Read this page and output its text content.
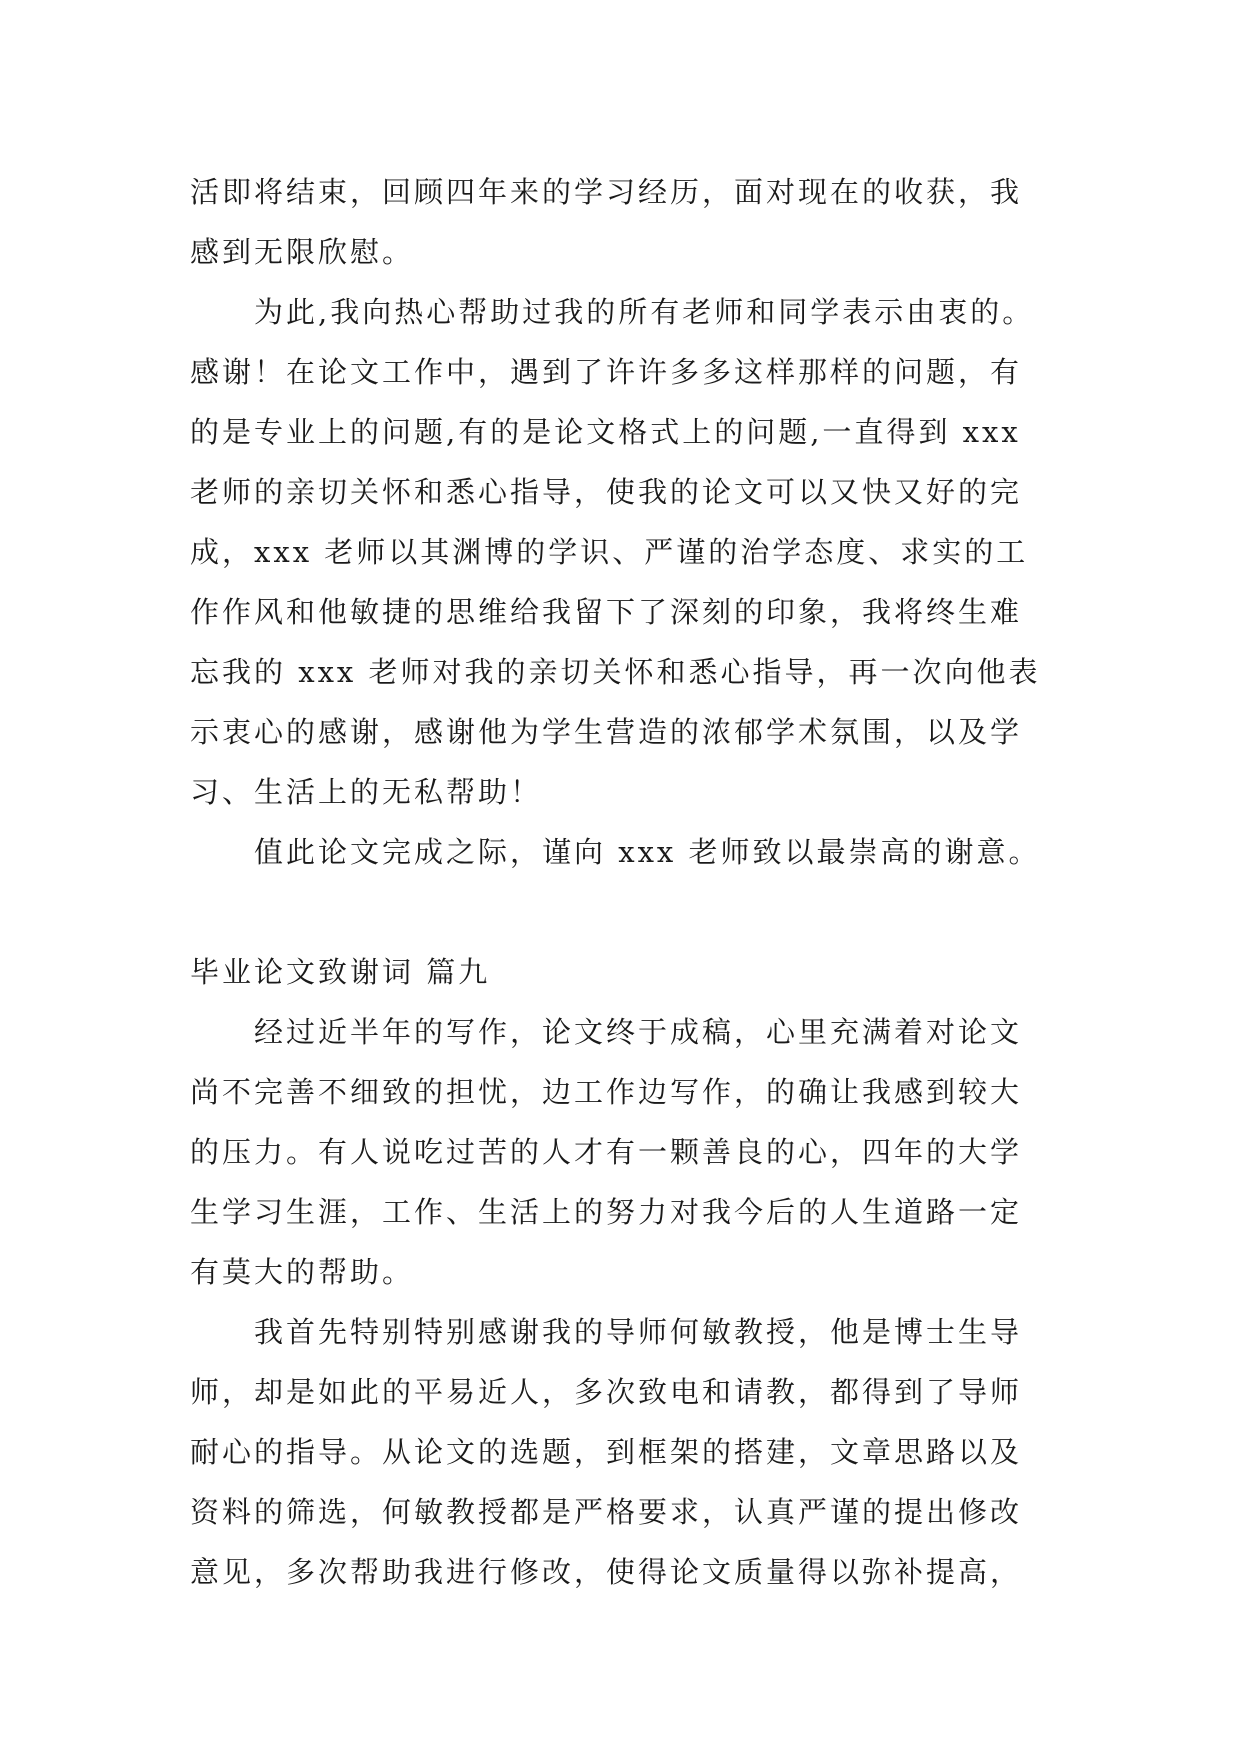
活即将结束，回顾四年来的学习经历，面对现在的收获，我
感到无限欣慰。
为此,我向热心帮助过我的所有老师和同学表示由衷的。
感谢！在论文工作中，遇到了许许多多这样那样的问题，有
的是专业上的问题,有的是论文格式上的问题,一直得到 xxx
老师的亲切关怀和悉心指导，使我的论文可以又快又好的完
成，xxx 老师以其渊博的学识、严谨的治学态度、求实的工
作作风和他敏捷的思维给我留下了深刻的印象，我将终生难
忘我的 xxx 老师对我的亲切关怀和悉心指导，再一次向他表
示衷心的感谢，感谢他为学生营造的浓郁学术氛围，以及学
习、生活上的无私帮助！
值此论文完成之际，谨向 xxx 老师致以最崇高的谢意。
毕业论文致谢词 篇九
经过近半年的写作，论文终于成稿，心里充满着对论文
尚不完善不细致的担忧，边工作边写作，的确让我感到较大
的压力。有人说吃过苦的人才有一颗善良的心，四年的大学
生学习生涯，工作、生活上的努力对我今后的人生道路一定
有莫大的帮助。
我首先特别特别感谢我的导师何敏教授，他是博士生导
师，却是如此的平易近人，多次致电和请教，都得到了导师
耐心的指导。从论文的选题，到框架的搭建，文章思路以及
资料的筛选，何敏教授都是严格要求，认真严谨的提出修改
意见，多次帮助我进行修改，使得论文质量得以弥补提高，
